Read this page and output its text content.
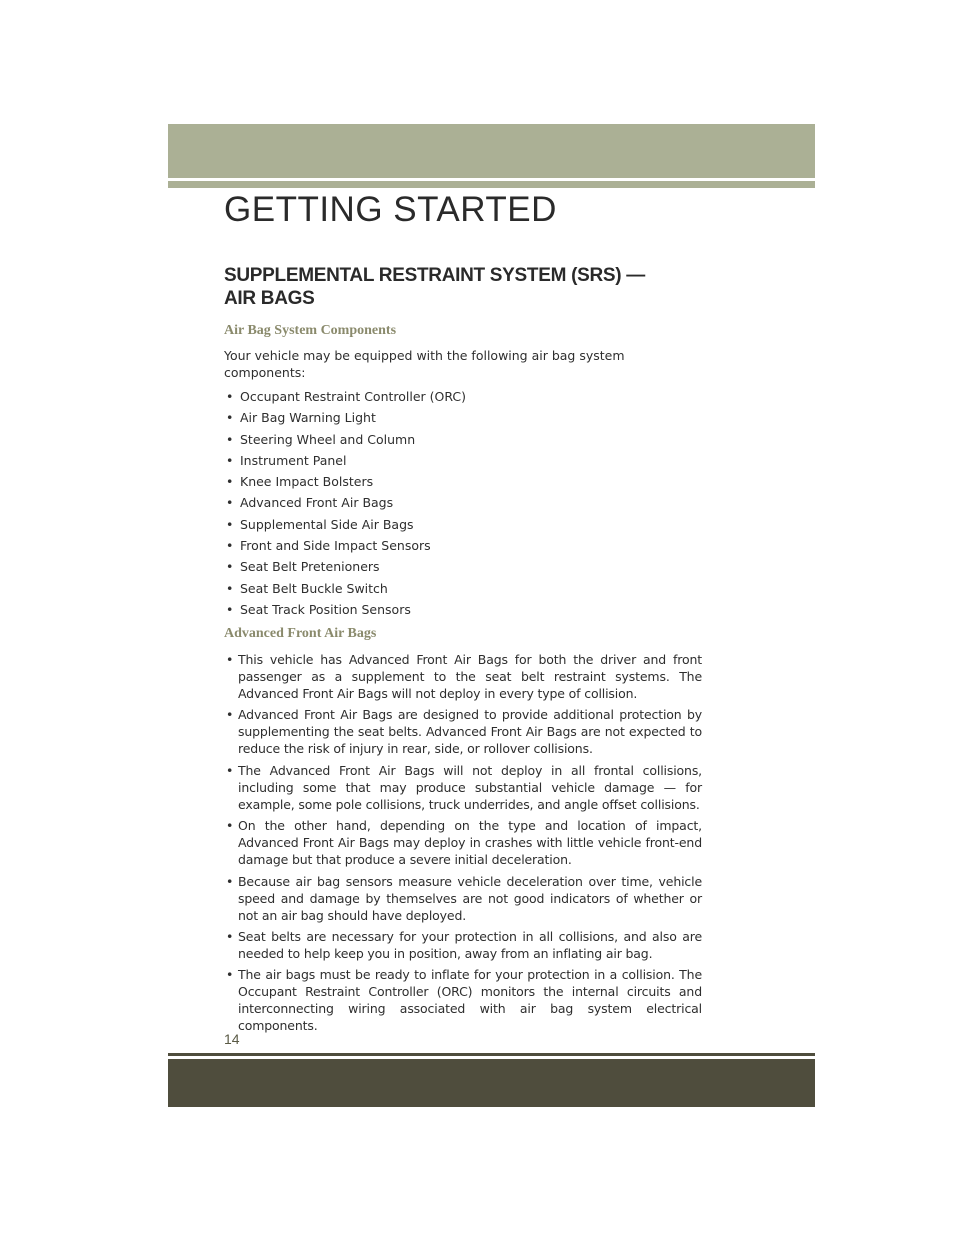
GETTING STARTED
SUPPLEMENTAL RESTRAINT SYSTEM (SRS) —
AIR BAGS
Air Bag System Components

Your vehicle may be equipped with the following air bag system components:

• Occupant Restraint Controller (ORC)
• Air Bag Warning Light
• Steering Wheel and Column
• Instrument Panel
• Knee Impact Bolsters
• Advanced Front Air Bags
• Supplemental Side Air Bags
• Front and Side Impact Sensors
• Seat Belt Pretenioners
• Seat Belt Buckle Switch
• Seat Track Position Sensors
Advanced Front Air Bags
• This vehicle has Advanced Front Air Bags for both the driver and front passenger as a supplement to the seat belt restraint systems. The Advanced Front Air Bags will not deploy in every type of collision.
• Advanced Front Air Bags are designed to provide additional protection by supplementing the seat belts. Advanced Front Air Bags are not expected to reduce the risk of injury in rear, side, or rollover collisions.
• The Advanced Front Air Bags will not deploy in all frontal collisions, including some that may produce substantial vehicle damage — for example, some pole collisions, truck underrides, and angle offset collisions.
• On the other hand, depending on the type and location of impact, Advanced Front Air Bags may deploy in crashes with little vehicle front-end damage but that produce a severe initial deceleration.
• Because air bag sensors measure vehicle deceleration over time, vehicle speed and damage by themselves are not good indicators of whether or not an air bag should have deployed.
• Seat belts are necessary for your protection in all collisions, and also are needed to help keep you in position, away from an inflating air bag.
• The air bags must be ready to inflate for your protection in a collision. The Occupant Restraint Controller (ORC) monitors the internal circuits and interconnecting wiring associated with air bag system electrical components.

14
